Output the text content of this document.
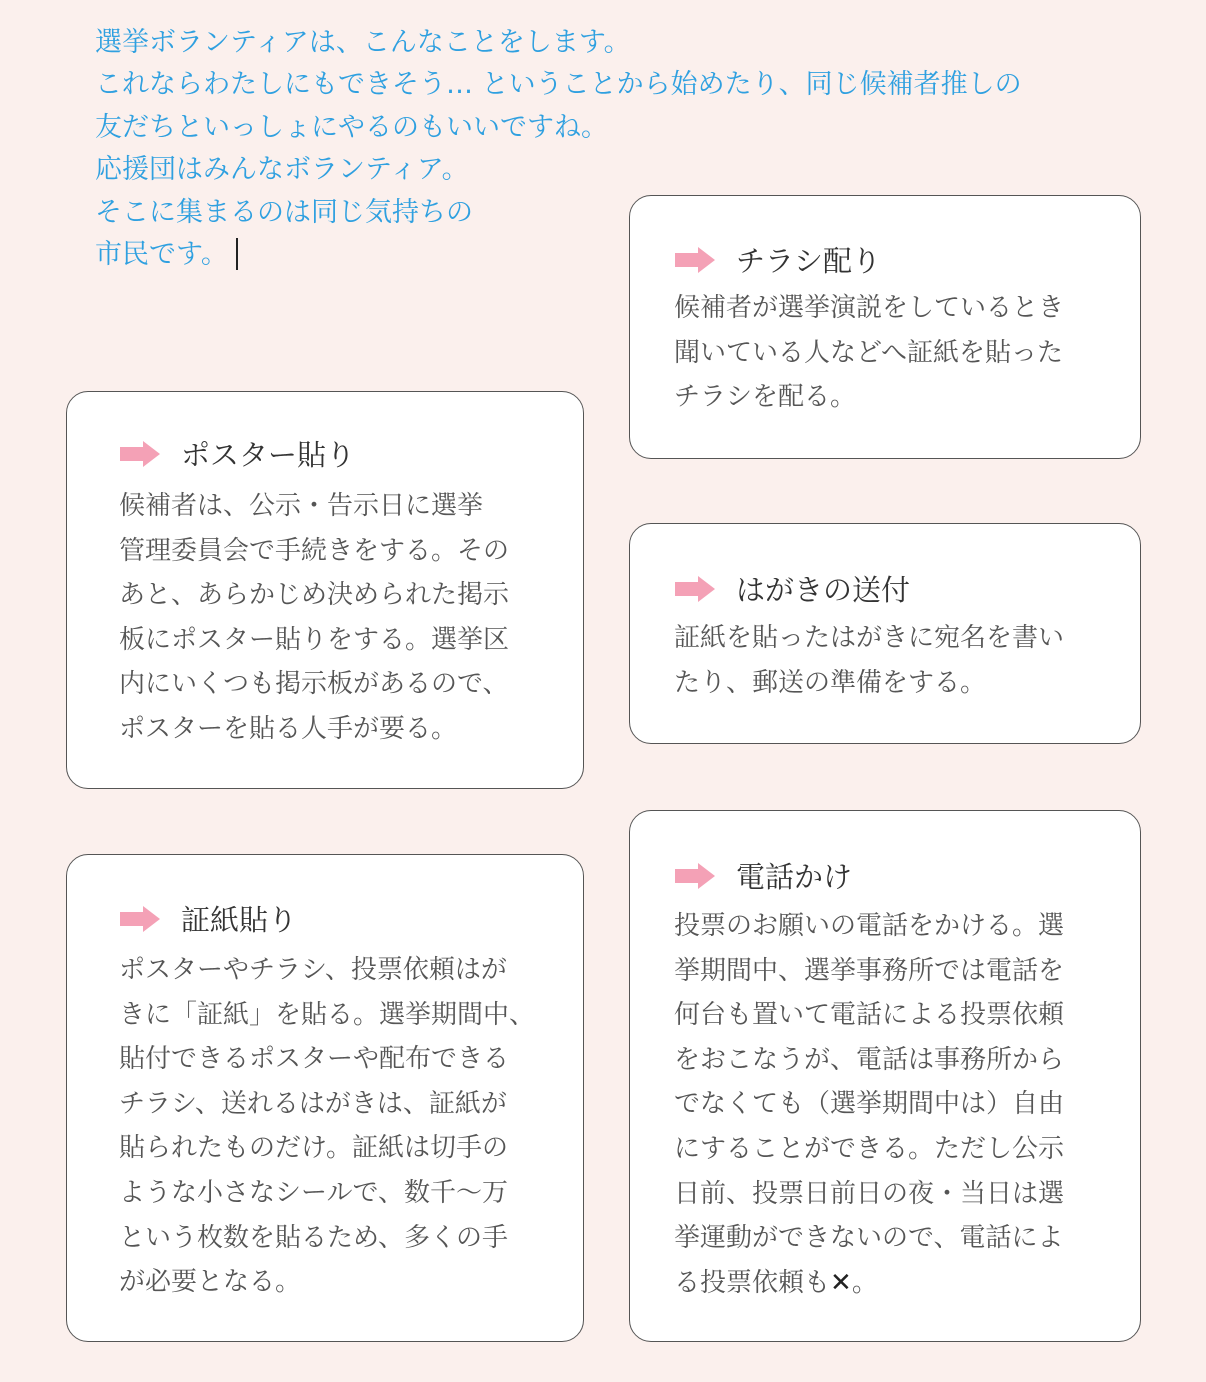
選挙ボランティアは、こんなことをします。
これならわたしにもできそう… ということから始めたり、同じ候補者推しの
友だちといっしょにやるのもいいですね。
応援団はみんなボランティア。
そこに集まるのは同じ気持ちの
市民です。	チラシ配り
候補者が選挙演説をしているとき
聞いている人などへ証紙を貼った
チラシを配る。
ポスター貼り
候補者は、公示・告示日に選挙
管理委員会で手続きをする。その
あと、あらかじめ決められた掲示
板にポスター貼りをする。選挙区
内にいくつも掲示板があるので、
ポスターを貼る人手が要る。
はがきの送付
証紙を貼ったはがきに宛名を書い
たり、郵送の準備をする。
証紙貼り
ポスターやチラシ、投票依頼はが
きに「証紙」を貼る。選挙期間中、
貼付できるポスターや配布できる
チラシ、送れるはがきは、証紙が
貼られたものだけ。証紙は切手の
ような小さなシールで、数千～万
という枚数を貼るため、多くの手
が必要となる。
電話かけ
投票のお願いの電話をかける。選
挙期間中、選挙事務所では電話を
何台も置いて電話による投票依頼
をおこなうが、電話は事務所から
でなくても（選挙期間中は）自由
にすることができる。ただし公示
日前、投票日前日の夜・当日は選
挙運動ができないので、電話によ
る投票依頼も✕。
